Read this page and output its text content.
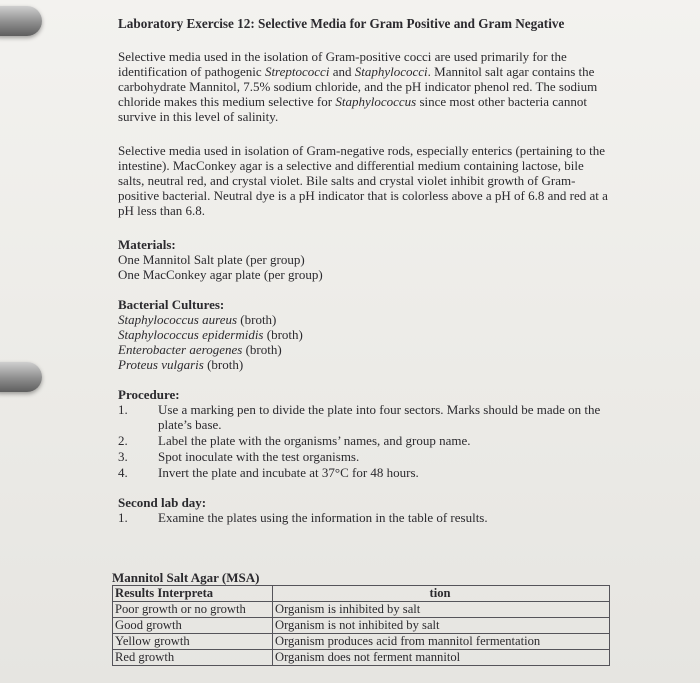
Laboratory Exercise 12: Selective Media for Gram Positive and Gram Negative

Selective media used in the isolation of Gram-positive cocci are used primarily for the identification of pathogenic Streptococci and Staphylococci. Mannitol salt agar contains the carbohydrate Mannitol, 7.5% sodium chloride, and the pH indicator phenol red. The sodium chloride makes this medium selective for Staphylococcus since most other bacteria cannot survive in this level of salinity.

Selective media used in isolation of Gram-negative rods, especially enterics (pertaining to the intestine). MacConkey agar is a selective and differential medium containing lactose, bile salts, neutral red, and crystal violet. Bile salts and crystal violet inhibit growth of Gram-positive bacterial. Neutral dye is a pH indicator that is colorless above a pH of 6.8 and red at a pH less than 6.8.

Materials:
One Mannitol Salt plate (per group)
One MacConkey agar plate (per group)
Bacterial Cultures:
Staphylococcus aureus (broth)
Staphylococcus epidermidis (broth)
Enterobacter aerogenes (broth)
Proteus vulgaris (broth)
Procedure:
1. Use a marking pen to divide the plate into four sectors. Marks should be made on the plate’s base.
2. Label the plate with the organisms’ names, and group name.
3. Spot inoculate with the test organisms.
4. Invert the plate and incubate at 37°C for 48 hours.
Second lab day:
1. Examine the plates using the information in the table of results.
Mannitol Salt Agar (MSA)
Results Interpreta	tion
Poor growth or no growth	Organism is inhibited by salt
Good growth	Organism is not inhibited by salt
Yellow growth	Organism produces acid from mannitol fermentation
Red growth	Organism does not ferment mannitol
